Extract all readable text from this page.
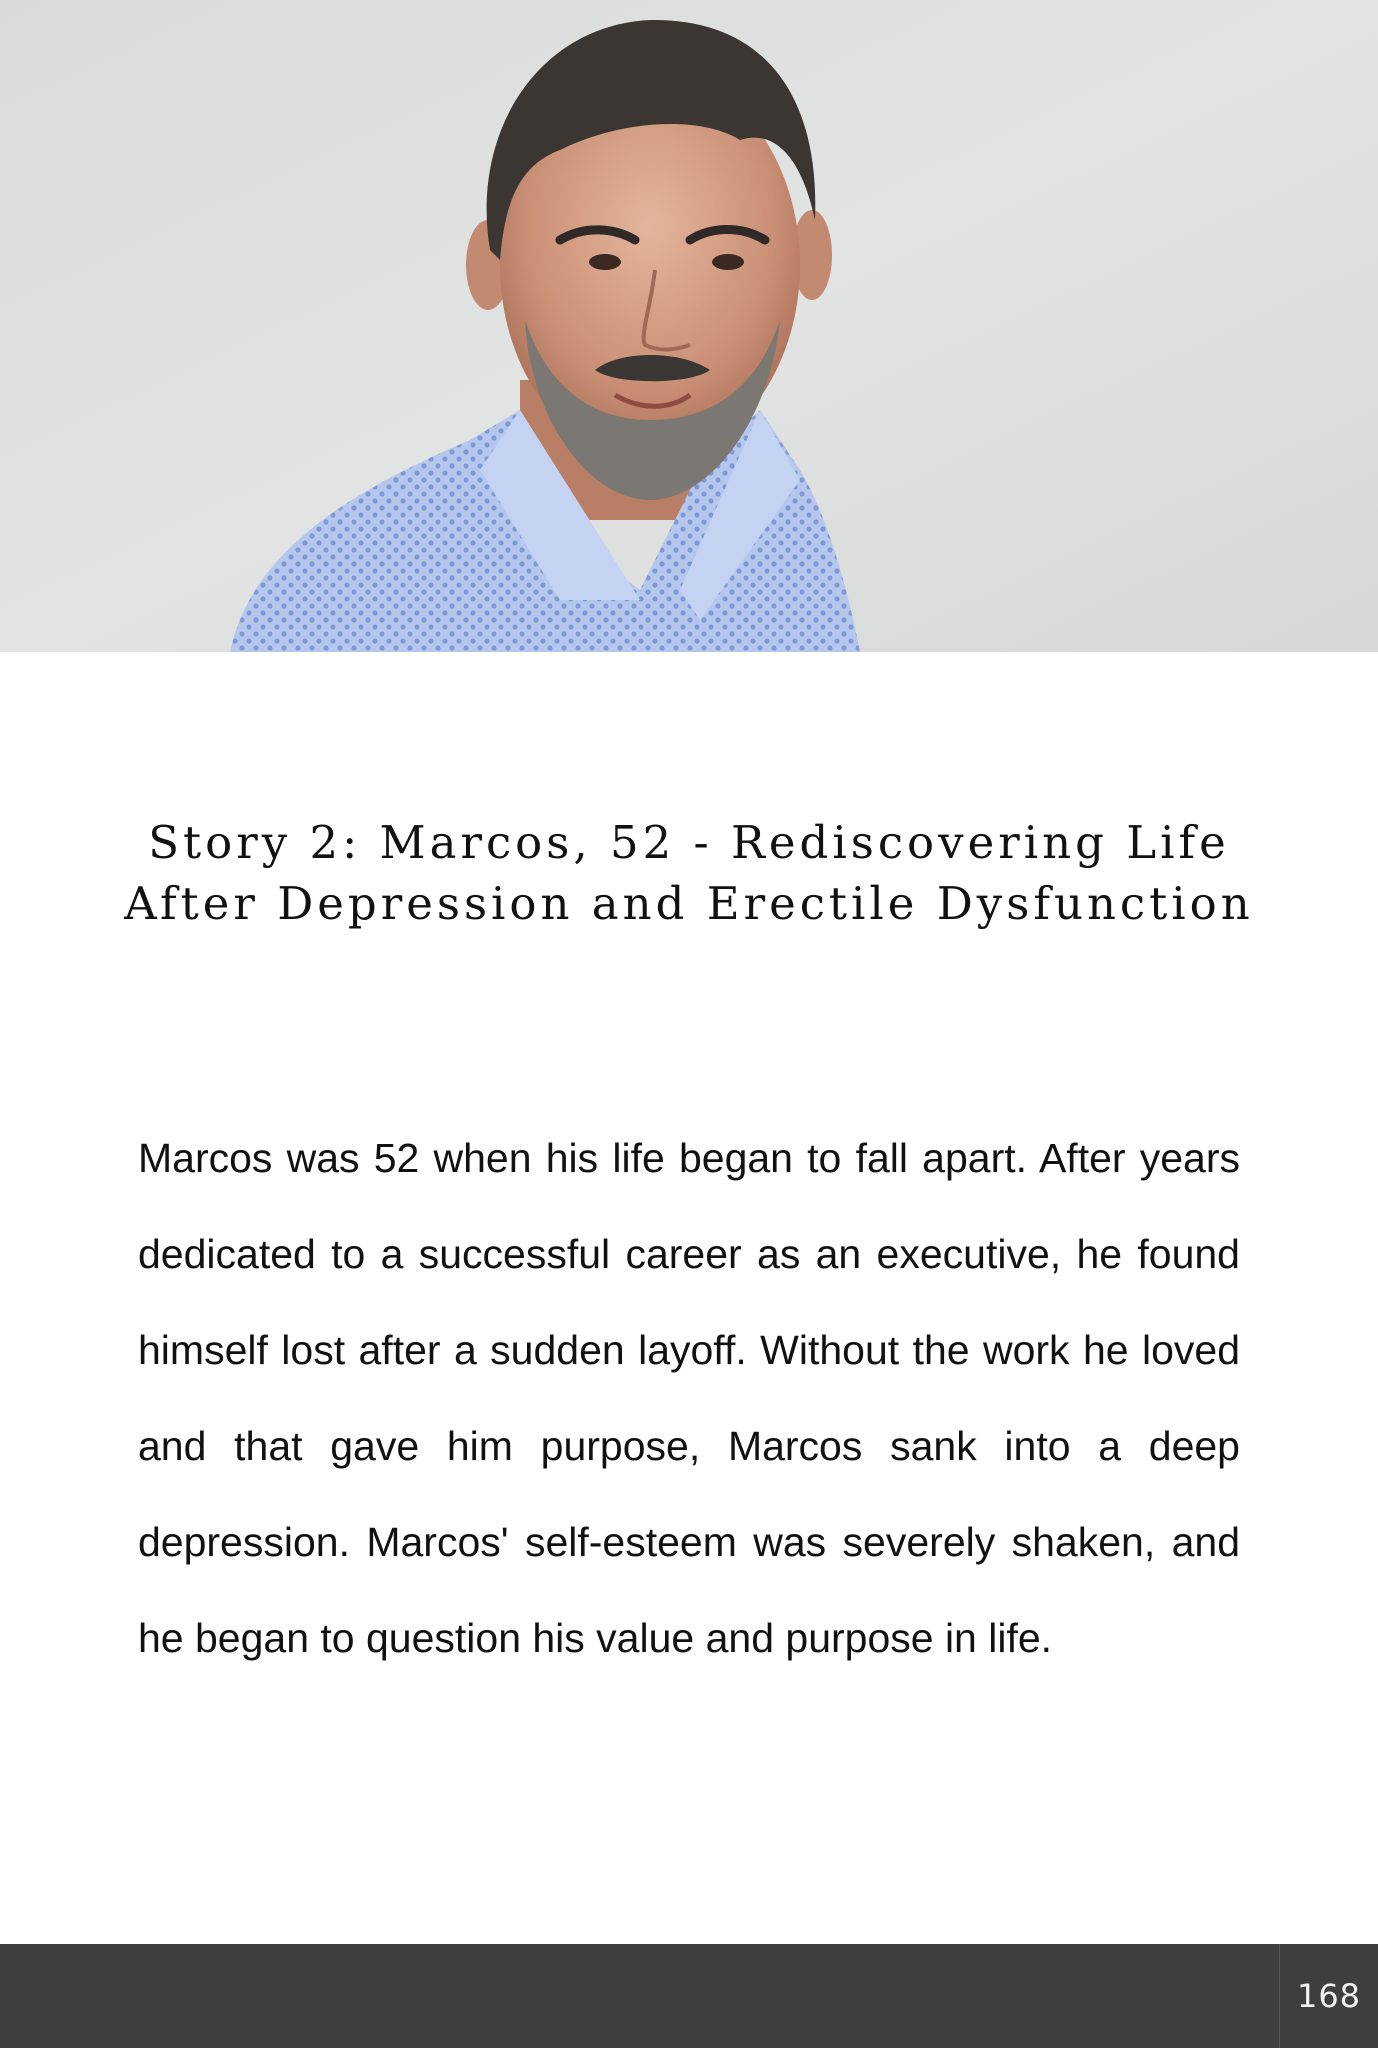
Story 2: Marcos, 52 - Rediscovering Life
After Depression and Erectile Dysfunction

Marcos was 52 when his life began to fall apart. After years dedicated to a successful career as an executive, he found himself lost after a sudden layoff. Without the work he loved and that gave him purpose, Marcos sank into a deep depression. Marcos' self-esteem was severely shaken, and he began to question his value and purpose in life.

168
